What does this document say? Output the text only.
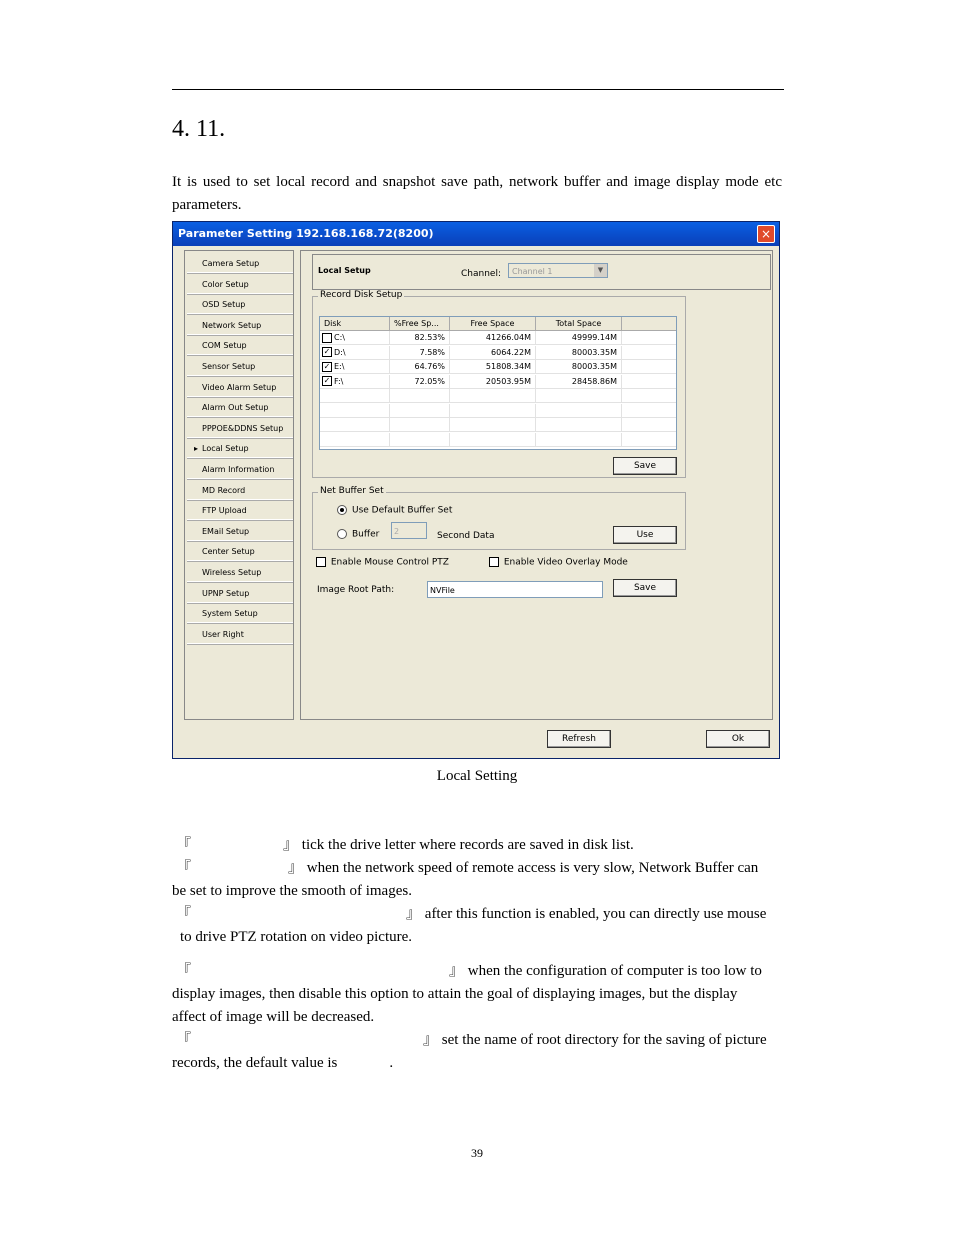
4. 11.
It is used to set local record and snapshot save path, network buffer and image display mode etc parameters.
Parameter Setting 192.168.168.72(8200)	×
Camera Setup
Color Setup
OSD Setup
Network Setup
COM Setup
Sensor Setup
Video Alarm Setup
Alarm Out Setup
PPPOE&DDNS Setup
▸ Local Setup
Alarm Information
MD Record
FTP Upload
EMail Setup
Center Setup
Wireless Setup
UPNP Setup
System Setup
User Right
Local Setup	Channel:	Channel 1	▼
Record Disk Setup
Disk	%Free Sp...	Free Space	Total Space
C:\	82.53%	41266.04M	49999.14M
✓ D:\	7.58%	6064.22M	80003.35M
✓ E:\	64.76%	51808.34M	80003.35M
✓ F:\	72.05%	20503.95M	28458.86M
Save
Net Buffer Set
Use Default Buffer Set
Buffer	2	Second Data	Use
Enable Mouse Control PTZ	Enable Video Overlay Mode
Image Root Path:	NVFile	Save
Refresh	Ok
Local Setting
『	』 tick the drive letter where records are saved in disk list.
『	』 when the network speed of remote access is very slow, Network Buffer can
be set to improve the smooth of images.
『	』 after this function is enabled, you can directly use mouse
to drive PTZ rotation on video picture.
『	』 when the configuration of computer is too low to
display images, then disable this option to attain the goal of displaying images, but the display
affect of image will be decreased.
『	』 set the name of root directory for the saving of picture
records, the default value is	.
39
